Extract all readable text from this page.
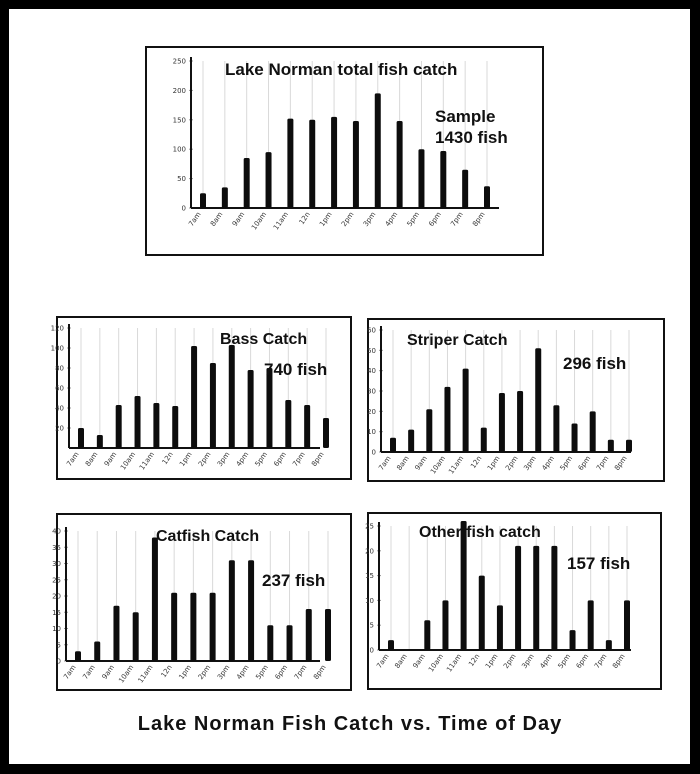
0
50
100
150
200
250
7am 8am 9am 10am 11am 12n 1pm 2pm 3pm 4pm 5pm 6pm 7pm 8pm
Lake Norman total fish catch
Sample
1430 fish
20
40
60
80
100
120
7am 8am 9am 10am 11am 12n 1pm 2pm 3pm 4pm 5pm 6pm 7pm 8pm
Bass Catch
740 fish
0
10
20
30
40
50
60
7am 8am 9am 10am 11am 12n 1pm 2pm 3pm 4pm 5pm 6pm 7pm 8pm
Striper Catch
296 fish
0
5
10
15
20
25
30
35
40
7am 7am 9am 10am 11am 12n 1pm 2pm 3pm 4pm 5pm 6pm 7pm 8pm
Catfish Catch
237 fish
0
5
10
15
20
25
7am 8am 9am 10am 11am 12n 1pm 2pm 3pm 4pm 5pm 6pm 7pm 8pm
Other fish catch
157 fish
Lake Norman Fish Catch vs. Time of Day
